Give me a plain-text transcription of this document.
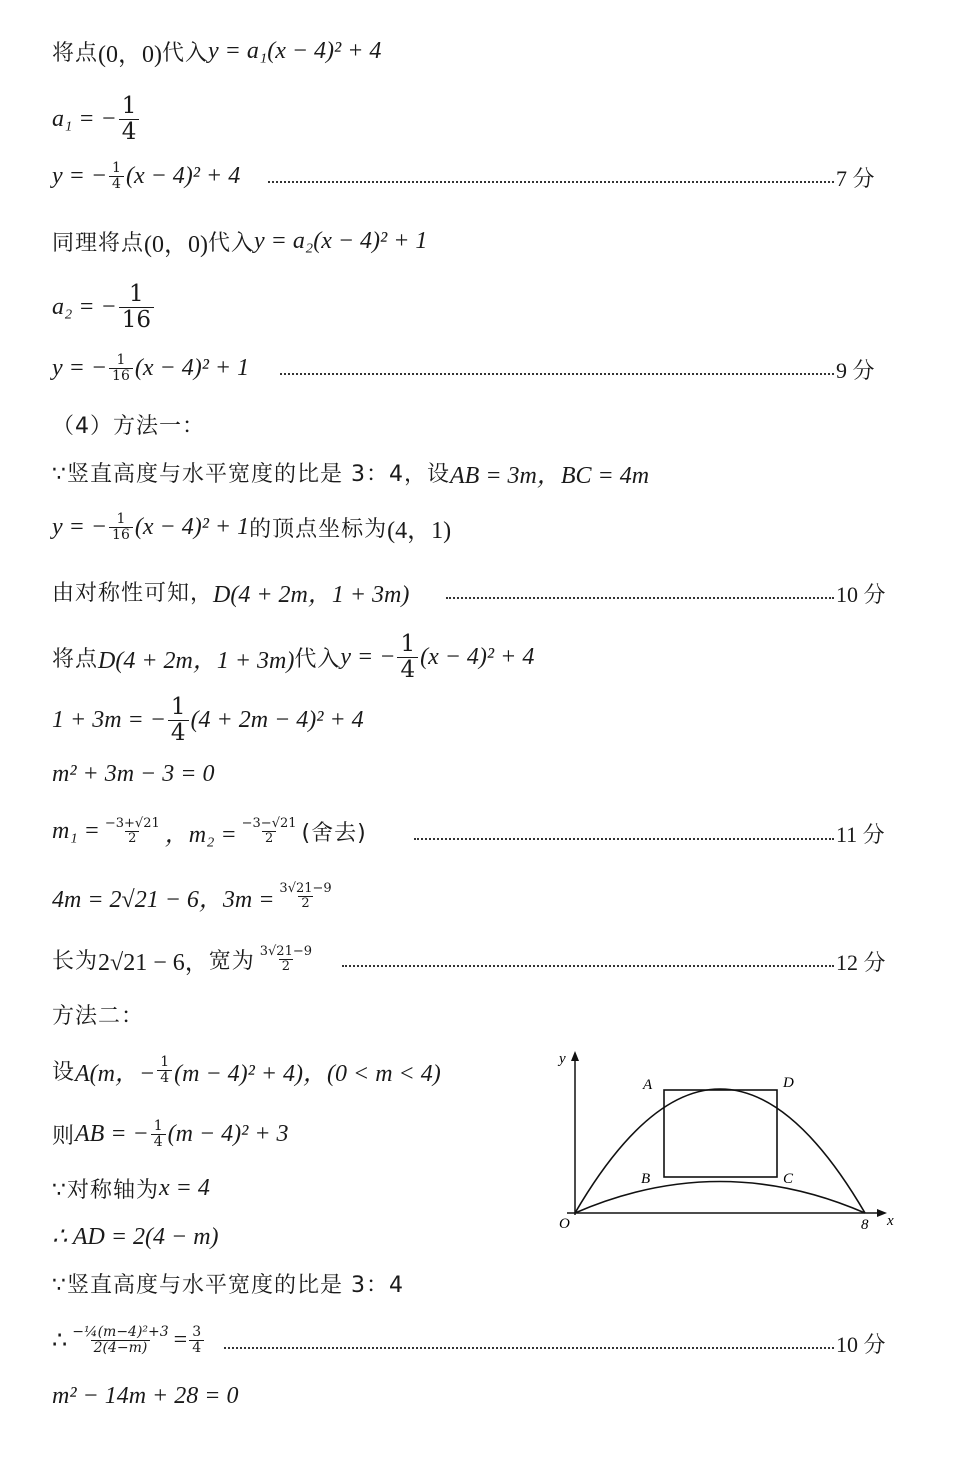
将点 (0，0) 代入 y = a₁(x − 4)² + 4
a₁ = − $\frac{1}{4}$
y = − $\frac{1}{4} (x - 4)^2 + 4$	7 分
同理将点 (0，0) 代入 y = a₂(x − 4)² + 1
a₂ = − $\frac{1}{16}$
y = − $\frac{1}{16} (x - 4)^2 + 1$	9 分
（4）方法一：
∵竖直高度与水平宽度的比是 3：4，设 AB = 3m，BC = 4m
y = − $\frac{1}{16} (x - 4)^2 + 1$ 的顶点坐标为 (4，1)
由对称性可知， D(4 + 2m，1 + 3m)	10 分
将点 D(4 + 2m，1 + 3m) 代入 y = − $\frac{1}{4} (x - 4)^2 + 4$
1 + 3m = − $\frac{1}{4} (4 + 2m - 4)^2 + 4$
m² + 3m − 3 = 0
$m_1 = \frac{-3+√21}{2}$ ，$m_2 = \frac{-3-√21}{2}$ (舍去)	11 分
4m = 2√21 − 6，$3m = \frac{3√21-9}{2}$
长为 2√21 − 6， 宽为 $\frac{3√21-9}{2}$	12 分
方法二：
设 A(m，− $\frac{1}{4} (m - 4)^2 + 4$)，(0 < m < 4)
则 AB = − $\frac{1}{4} (m - 4)^2 + 3$
∵对称轴为 x = 4
∴ AD = 2(4 − m)
∵竖直高度与水平宽度的比是 3：4
∴ $\frac{\text{−¼(m−4)²+3}}{2(4-m)} = \frac{3}{4}$	10 分
m² − 14m + 28 = 0
y
x
O	8
A	D
B	C
